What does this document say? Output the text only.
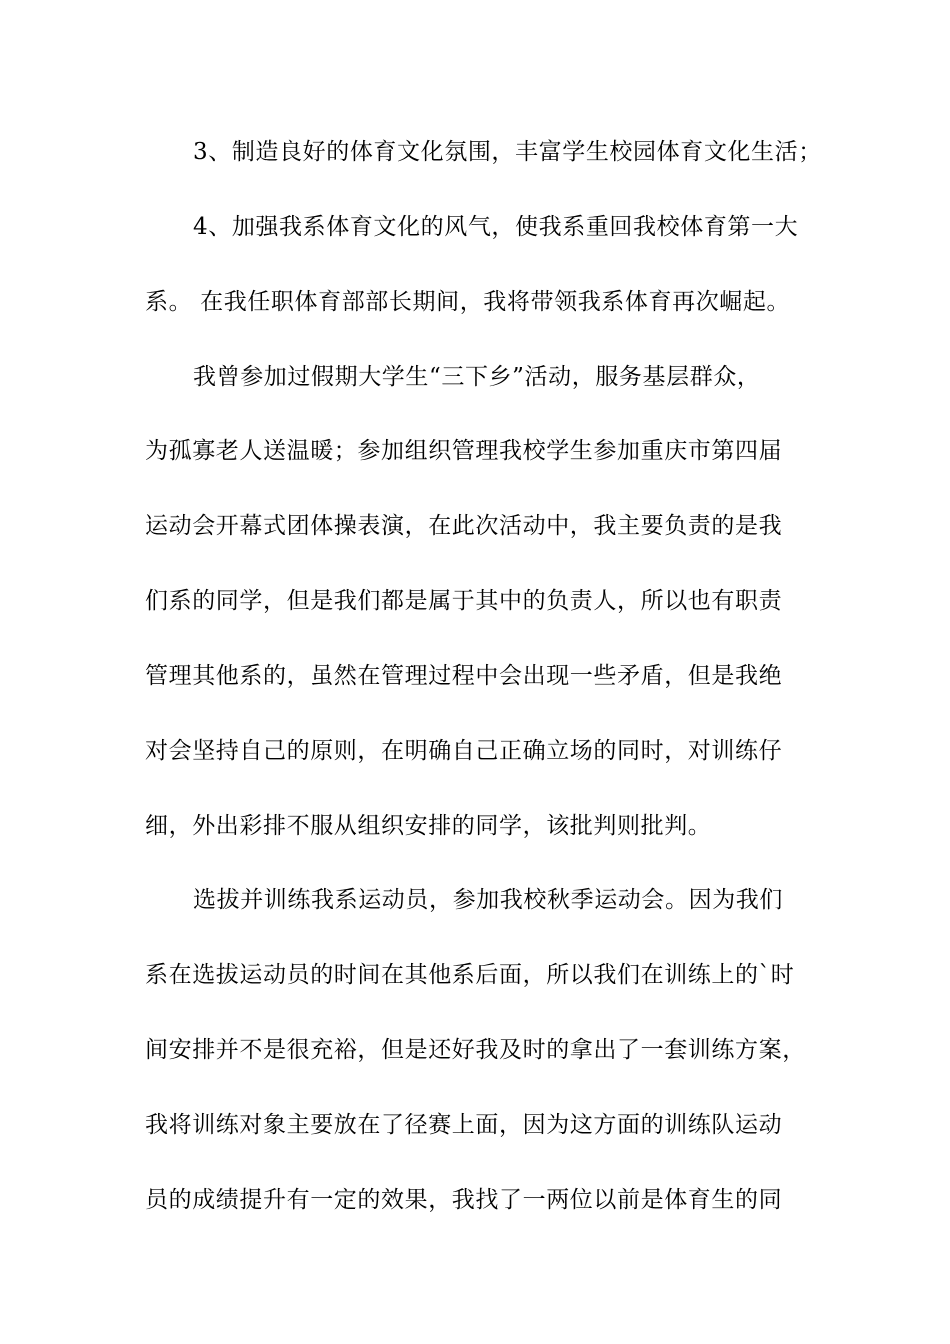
3、制造良好的体育文化氛围，丰富学生校园体育文化生活；
4、加强我系体育文化的风气，使我系重回我校体育第一大
系。 在我任职体育部部长期间，我将带领我系体育再次崛起。
我曾参加过假期大学生“三下乡”活动，服务基层群众，
为孤寡老人送温暖；参加组织管理我校学生参加重庆市第四届
运动会开幕式团体操表演，在此次活动中，我主要负责的是我
们系的同学，但是我们都是属于其中的负责人，所以也有职责
管理其他系的，虽然在管理过程中会出现一些矛盾，但是我绝
对会坚持自己的原则，在明确自己正确立场的同时，对训练仔
细，外出彩排不服从组织安排的同学，该批判则批判。
选拔并训练我系运动员，参加我校秋季运动会。因为我们
系在选拔运动员的时间在其他系后面，所以我们在训练上的`时
间安排并不是很充裕，但是还好我及时的拿出了一套训练方案，
我将训练对象主要放在了径赛上面，因为这方面的训练队运动
员的成绩提升有一定的效果，我找了一两位以前是体育生的同
